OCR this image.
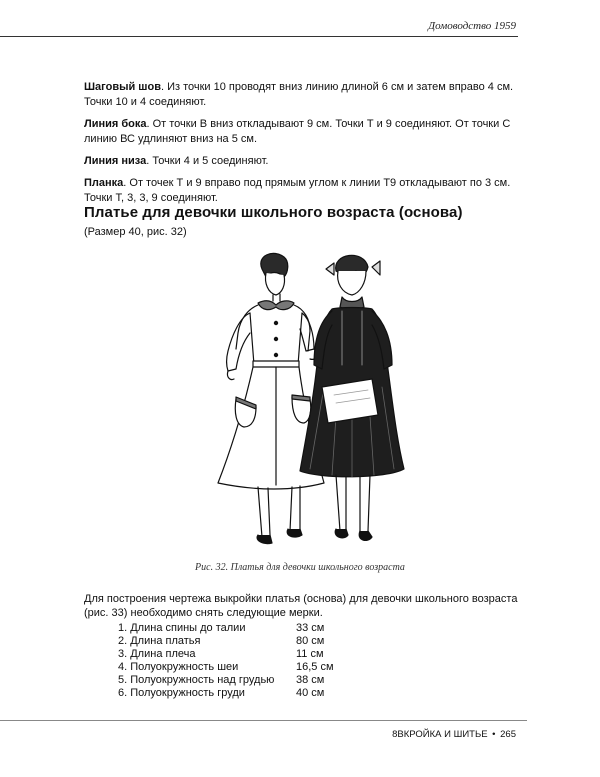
Домоводство 1959

Шаговый шов. Из точки 10 проводят вниз линию длиной 6 см и затем вправо 4 см. Точки 10 и 4 соединяют.

Линия бока. От точки В вниз откладывают 9 см. Точки Т и 9 соединяют. От точки С линию ВС удлиняют вниз на 5 см.

Линия низа. Точки 4 и 5 соединяют.

Планка. От точек Т и 9 вправо под прямым углом к линии Т9 откладывают по 3 см. Точки Т, 3, 3, 9 соединяют.

Платье для девочки школьного возраста (основа)
(Размер 40, рис. 32)
Рис. 32. Платья для девочки школьного возраста
Для построения чертежа выкройки платья (основа) для девочки школьного возраста (рис. 33) необходимо снять следующие мерки.
1. Длина спины до талии	33 см
2. Длина платья	80 см
3. Длина плеча	11 см
4. Полуокружность шеи	16,5 см
5. Полуокружность над грудью	38 см
6. Полуокружность груди	40 см
8ВКРОЙКА И ШИТЬЕ • 265
